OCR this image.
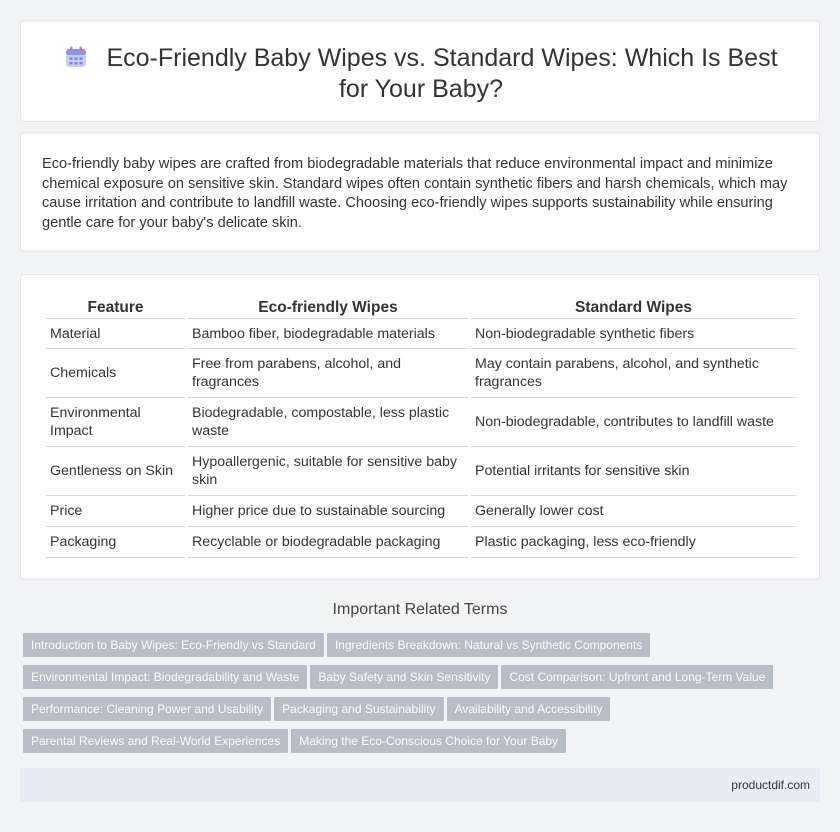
Eco-Friendly Baby Wipes vs. Standard Wipes: Which Is Best for Your Baby?

Eco-friendly baby wipes are crafted from biodegradable materials that reduce environmental impact and minimize chemical exposure on sensitive skin. Standard wipes often contain synthetic fibers and harsh chemicals, which may cause irritation and contribute to landfill waste. Choosing eco-friendly wipes supports sustainability while ensuring gentle care for your baby's delicate skin.

Feature	Eco-friendly Wipes	Standard Wipes
Material	Bamboo fiber, biodegradable materials	Non-biodegradable synthetic fibers
Chemicals	Free from parabens, alcohol, and fragrances	May contain parabens, alcohol, and synthetic fragrances
Environmental Impact	Biodegradable, compostable, less plastic waste	Non-biodegradable, contributes to landfill waste
Gentleness on Skin	Hypoallergenic, suitable for sensitive baby skin	Potential irritants for sensitive skin
Price	Higher price due to sustainable sourcing	Generally lower cost
Packaging	Recyclable or biodegradable packaging	Plastic packaging, less eco-friendly
Important Related Terms
Introduction to Baby Wipes: Eco-Friendly vs Standard Ingredients Breakdown: Natural vs Synthetic Components
Environmental Impact: Biodegradability and Waste Baby Safety and Skin Sensitivity Cost Comparison: Upfront and Long-Term Value
Performance: Cleaning Power and Usability Packaging and Sustainability Availability and Accessibility
Parental Reviews and Real-World Experiences Making the Eco-Conscious Choice for Your Baby
productdif.com
